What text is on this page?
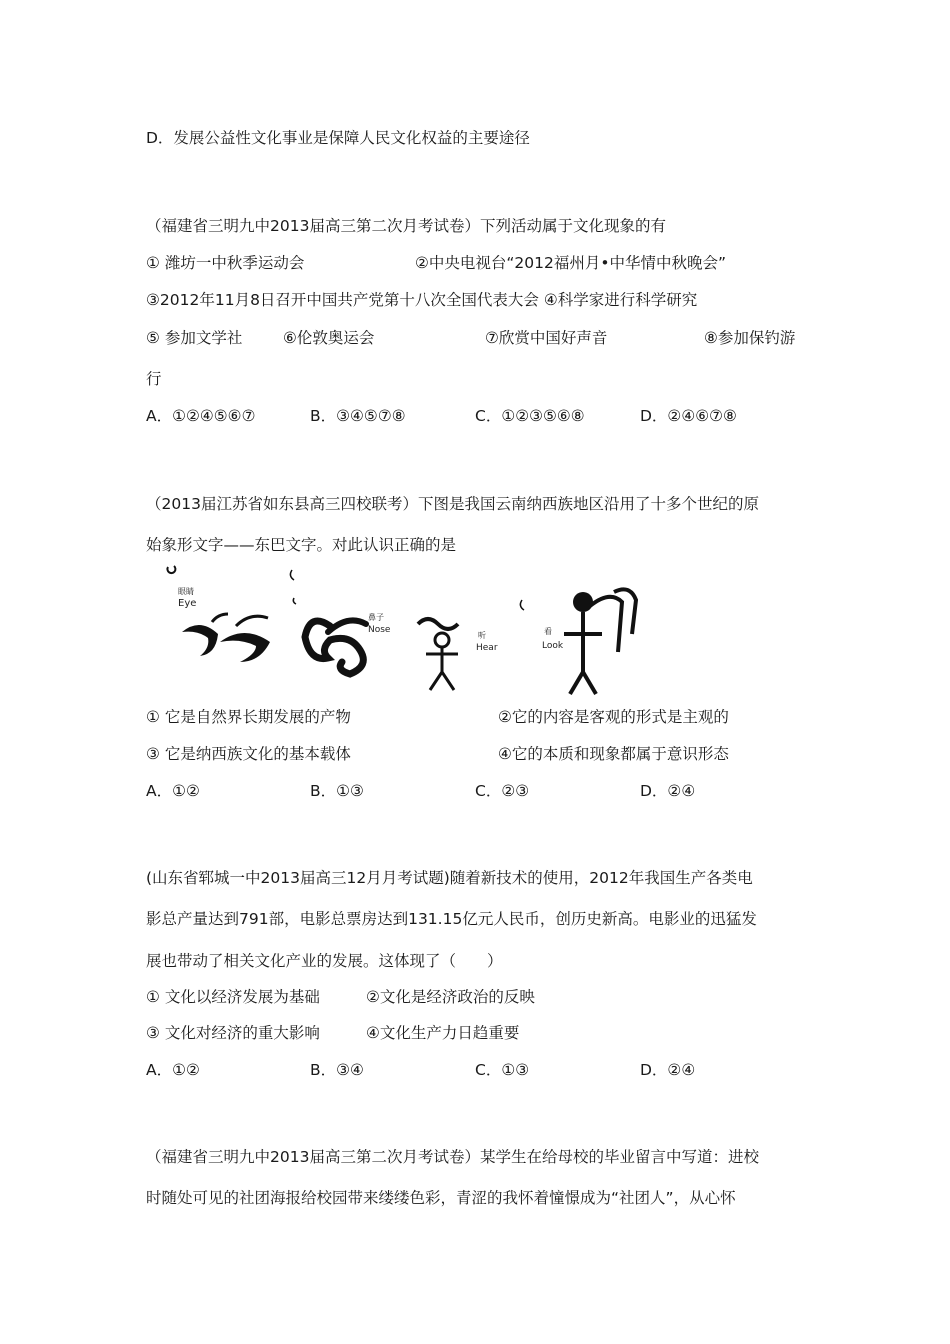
D．发展公益性文化事业是保障人民文化权益的主要途径
（福建省三明九中2013届高三第二次月考试卷）下列活动属于文化现象的有
① 潍坊一中秋季运动会	②中央电视台“2012福州月•中华情中秋晚会”
③2012年11月8日召开中国共产党第十八次全国代表大会 ④科学家进行科学研究
⑤ 参加文学社	⑥伦敦奥运会	⑦欣赏中国好声音	⑧参加保钓游
行
A．①②④⑤⑥⑦	B．③④⑤⑦⑧	C．①②③⑤⑥⑧	D．②④⑥⑦⑧
（2013届江苏省如东县高三四校联考）下图是我国云南纳西族地区沿用了十多个世纪的原
始象形文字——东巴文字。对此认识正确的是
眼睛
Eye
鼻子
Nose
听
Hear
看
Look
① 它是自然界长期发展的产物	②它的内容是客观的形式是主观的
③ 它是纳西族文化的基本载体	④它的本质和现象都属于意识形态
A．①②	B．①③	C．②③	D．②④
(山东省郓城一中2013届高三12月月考试题)随着新技术的使用，2012年我国生产各类电
影总产量达到791部，电影总票房达到131.15亿元人民币，创历史新高。电影业的迅猛发
展也带动了相关文化产业的发展。这体现了（　　）
① 文化以经济发展为基础	②文化是经济政治的反映
③ 文化对经济的重大影响	④文化生产力日趋重要
A．①②	B．③④	C．①③	D．②④
（福建省三明九中2013届高三第二次月考试卷）某学生在给母校的毕业留言中写道：进校
时随处可见的社团海报给校园带来缕缕色彩，青涩的我怀着憧憬成为“社团人”，从心怀
